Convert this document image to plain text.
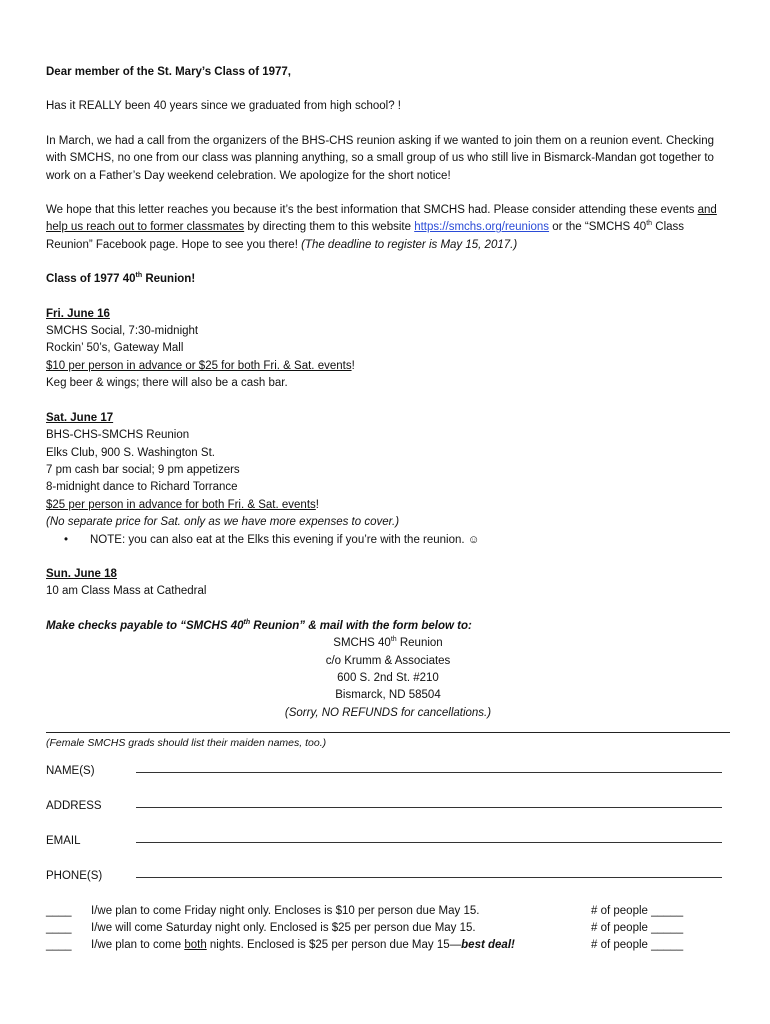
Dear member of the St. Mary’s Class of 1977,

Has it REALLY been 40 years since we graduated from high school? !

In March, we had a call from the organizers of the BHS-CHS reunion asking if we wanted to join them on a reunion event. Checking with SMCHS, no one from our class was planning anything, so a small group of us who still live in Bismarck-Mandan got together to work on a Father’s Day weekend celebration. We apologize for the short notice!

We hope that this letter reaches you because it’s the best information that SMCHS had. Please consider attending these events and help us reach out to former classmates by directing them to this website https://smchs.org/reunions or the “SMCHS 40th Class Reunion” Facebook page. Hope to see you there! (The deadline to register is May 15, 2017.)

Class of 1977 40th Reunion!

Fri. June 16

SMCHS Social, 7:30-midnight

Rockin’ 50’s, Gateway Mall

$10 per person in advance or $25 for both Fri. & Sat. events!

Keg beer & wings; there will also be a cash bar.

Sat. June 17

BHS-CHS-SMCHS Reunion

Elks Club, 900 S. Washington St.

7 pm cash bar social; 9 pm appetizers

8-midnight dance to Richard Torrance

$25 per person in advance for both Fri. & Sat. events!

(No separate price for Sat. only as we have more expenses to cover.)

•	NOTE: you can also eat at the Elks this evening if you’re with the reunion. ☺

Sun. June 18

10 am Class Mass at Cathedral

Make checks payable to “SMCHS 40th Reunion” & mail with the form below to:

SMCHS 40th Reunion

c/o Krumm & Associates

600 S. 2nd St. #210

Bismarck, ND 58504

(Sorry, NO REFUNDS for cancellations.)

(Female SMCHS grads should list their maiden names, too.)

NAME(S)
ADDRESS
EMAIL
PHONE(S)
____	I/we plan to come Friday night only. Encloses is $10 per person due May 15.	# of people _____
____	I/we will come Saturday night only. Enclosed is $25 per person due May 15.	# of people _____
____	I/we plan to come both nights. Enclosed is $25 per person due May 15—best deal!	# of people _____
